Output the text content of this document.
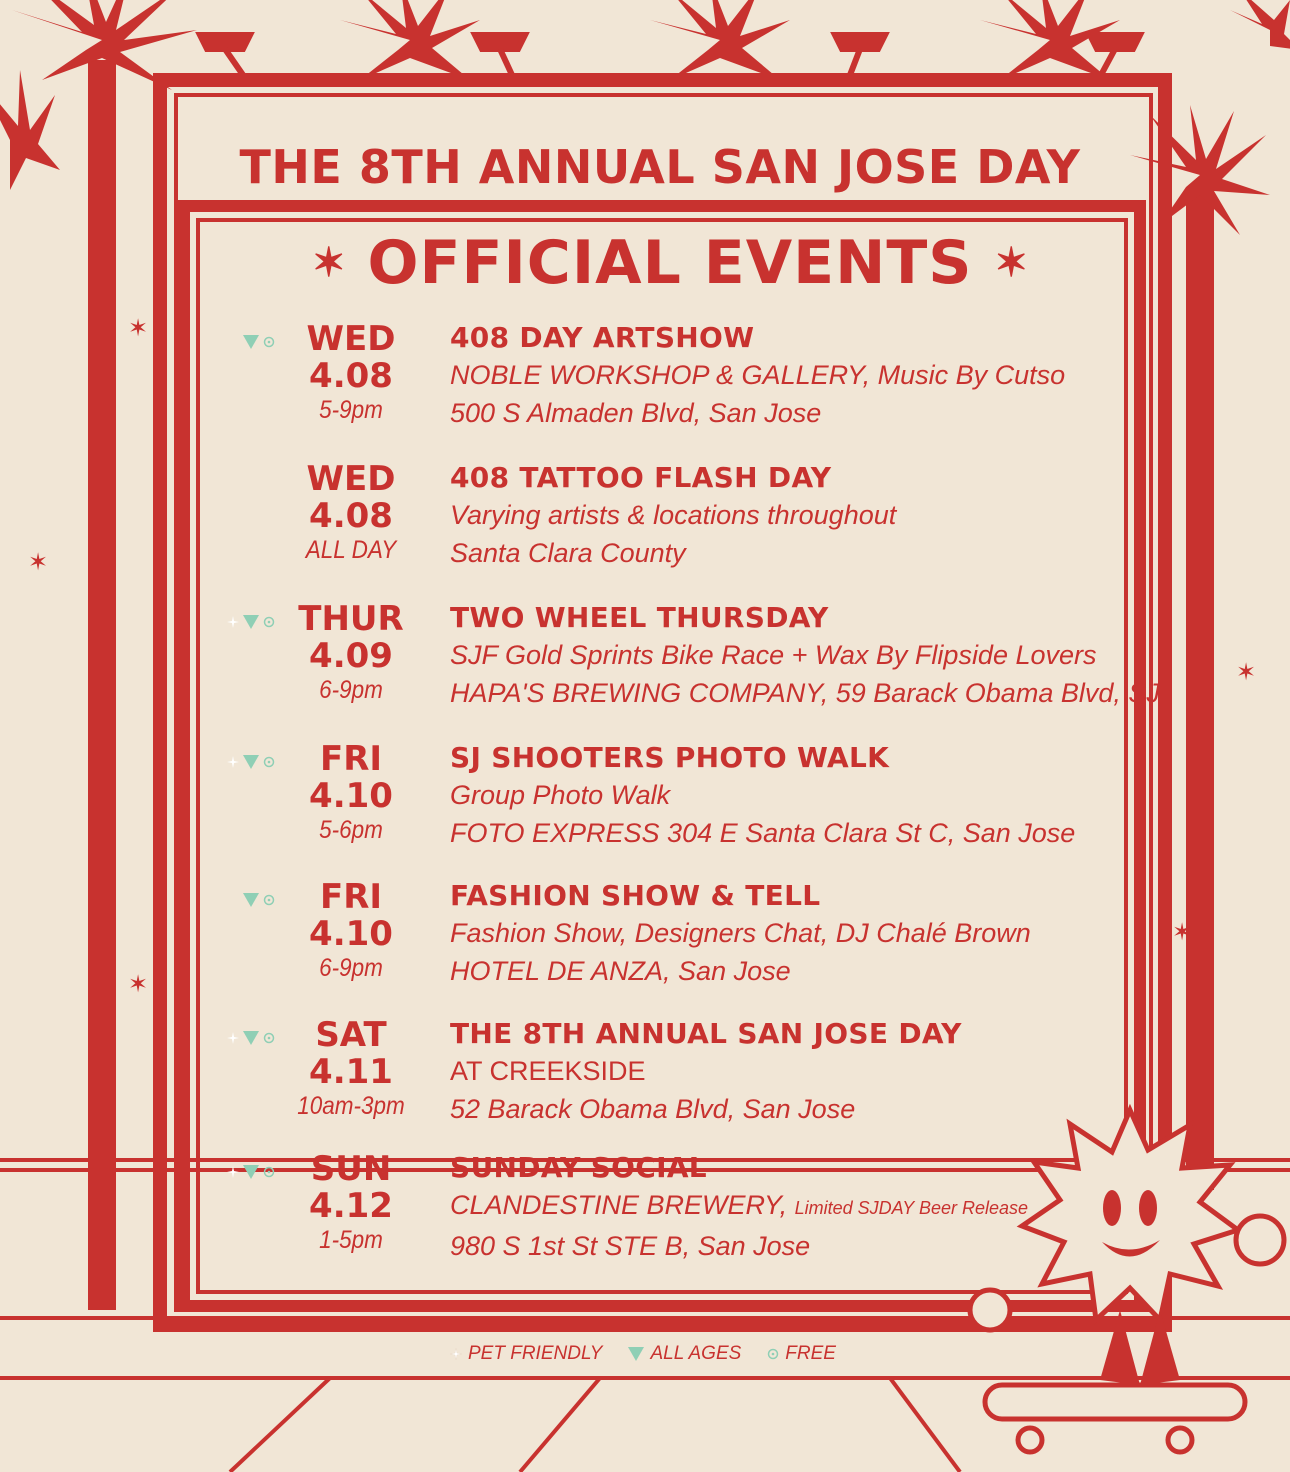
✶
✶
✶
✶
✶
THE 8TH ANNUAL SAN JOSE DAY
✶ OFFICIAL EVENTS ✶
WED
4.08
5-9pm
408 DAY ARTSHOW
NOBLE WORKSHOP & GALLERY, Music By Cutso
500 S Almaden Blvd, San Jose
WED
4.08
ALL DAY
408 TATTOO FLASH DAY
Varying artists & locations throughout
Santa Clara County
THUR
4.09
6-9pm
TWO WHEEL THURSDAY
SJF Gold Sprints Bike Race + Wax By Flipside Lovers
HAPA'S BREWING COMPANY, 59 Barack Obama Blvd, SJ
FRI
4.10
5-6pm
SJ SHOOTERS PHOTO WALK
Group Photo Walk
FOTO EXPRESS 304 E Santa Clara St C, San Jose
FRI
4.10
6-9pm
FASHION SHOW & TELL
Fashion Show, Designers Chat, DJ Chalé Brown
HOTEL DE ANZA, San Jose
SAT
4.11
10am-3pm
THE 8TH ANNUAL SAN JOSE DAY
AT CREEKSIDE
52 Barack Obama Blvd, San Jose
SUN
4.12
1-5pm
SUNDAY SOCIAL
CLANDESTINE BREWERY, Limited SJDAY Beer Release
980 S 1st St STE B, San Jose
PET FRIENDLY	ALL AGES FREE
